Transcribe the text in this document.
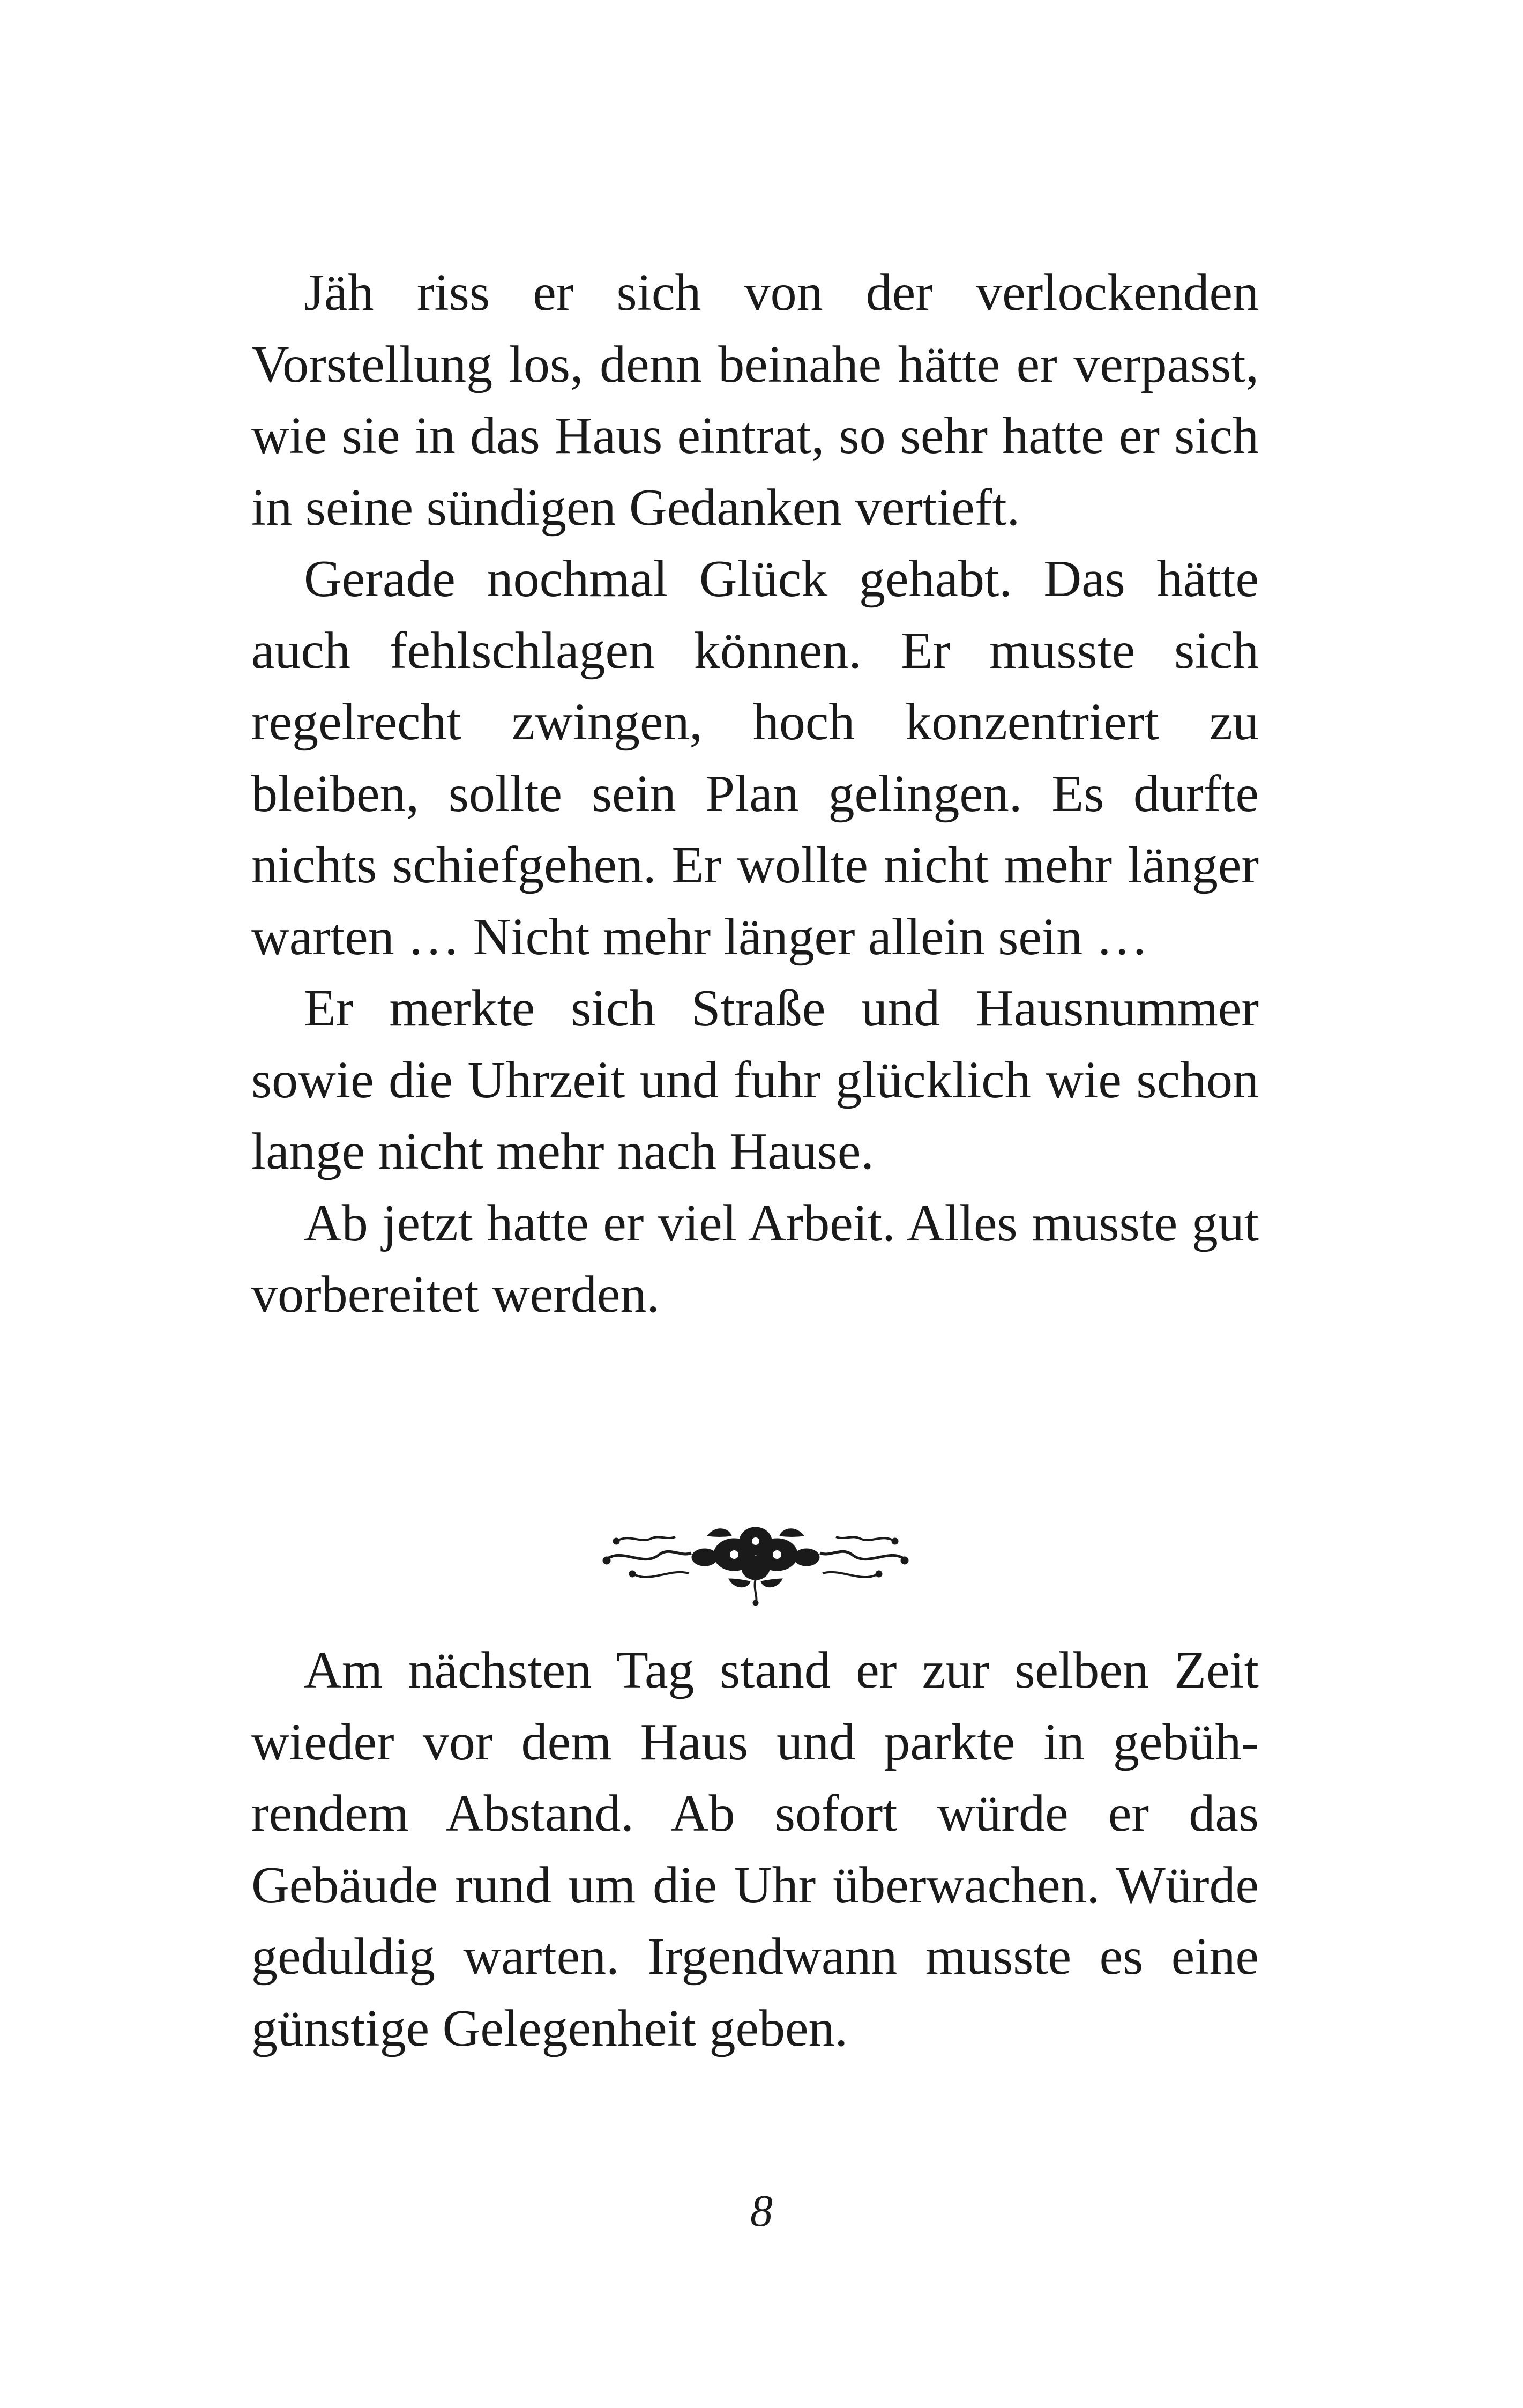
Jäh riss er sich von der verlockenden Vorstellung los, denn beinahe hätte er verpasst, wie sie in das Haus eintrat, so sehr hatte er sich in seine sündigen Gedanken vertieft.

Gerade nochmal Glück gehabt. Das hätte auch fehlschlagen können. Er musste sich regelrecht zwingen, hoch konzentriert zu bleiben, sollte sein Plan gelingen. Es durfte nichts schiefgehen. Er wollte nicht mehr länger warten … Nicht mehr länger allein sein …

Er merkte sich Straße und Hausnummer sowie die Uhrzeit und fuhr glücklich wie schon lange nicht mehr nach Hause.

Ab jetzt hatte er viel Arbeit. Alles musste gut vorbereitet werden.

Am nächsten Tag stand er zur selben Zeit wieder vor dem Haus und parkte in gebührendem Abstand. Ab sofort würde er das Gebäude rund um die Uhr überwachen. Würde geduldig warten. Irgendwann musste es eine günstige Gelegenheit geben.

8
